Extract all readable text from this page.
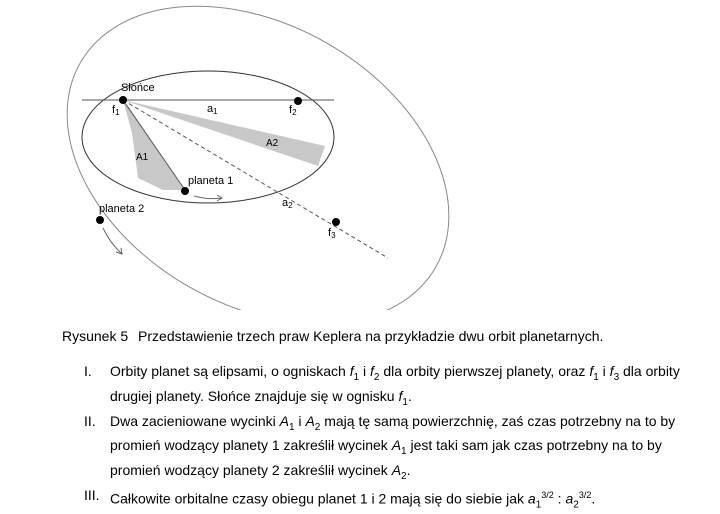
Słońce
f1	f2
f3
a1
a2
A1
A2
planeta 1
planeta 2
Rysunek 5 Przedstawienie trzech praw Keplera na przykładzie dwu orbit planetarnych.
I. Orbity planet są elipsami, o ogniskach $f_1$ i $f_2$ dla orbity pierwszej planety, oraz $f_1$ i $f_3$ dla orbity drugiej planety. Słońce znajduje się w ognisku $f_1$.
II. Dwa zacieniowane wycinki $A_1$ i $A_2$ mają tę samą powierzchnię, zaś czas potrzebny na to by promień wodzący planety 1 zakreślił wycinek $A_1$ jest taki sam jak czas potrzebny na to by promień wodzący planety 2 zakreślił wycinek $A_2$.
III. Całkowite orbitalne czasy obiegu planet 1 i 2 mają się do siebie jak $a_1^{3/2}$ : $a_2^{3/2}$.
